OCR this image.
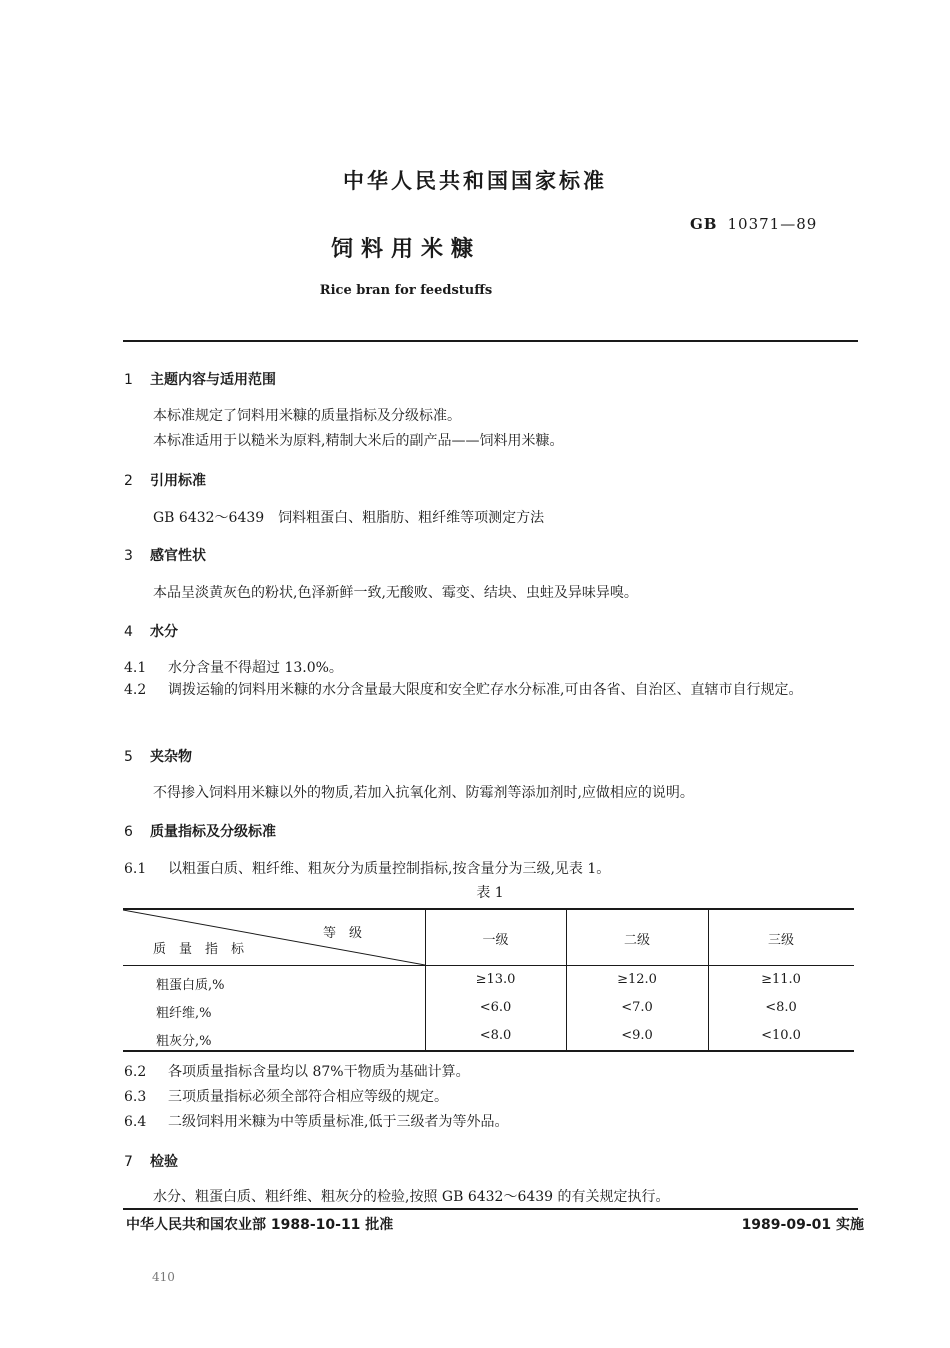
中华人民共和国国家标准
GB 10371—89
饲料用米糠
Rice bran for feedstuffs
1 主题内容与适用范围
本标准规定了饲料用米糠的质量指标及分级标准。
本标准适用于以糙米为原料,精制大米后的副产品——饲料用米糠。
2 引用标准
GB 6432～6439　饲料粗蛋白、粗脂肪、粗纤维等项测定方法
3 感官性状
本品呈淡黄灰色的粉状,色泽新鲜一致,无酸败、霉变、结块、虫蛀及异味异嗅。
4 水分
4.1 水分含量不得超过 13.0%。
4.2 调拨运输的饲料用米糠的水分含量最大限度和安全贮存水分标准,可由各省、自治区、直辖市自行规定。
5 夹杂物
不得掺入饲料用米糠以外的物质,若加入抗氧化剂、防霉剂等添加剂时,应做相应的说明。
6 质量指标及分级标准
6.1 以粗蛋白质、粗纤维、粗灰分为质量控制指标,按含量分为三级,见表 1。
表 1
等　级
质　量　指　标
一级	二级	三级
粗蛋白质,%	≥13.0	≥12.0	≥11.0
粗纤维,%	<6.0	<7.0	<8.0
粗灰分,%	<8.0	<9.0	<10.0
6.2 各项质量指标含量均以 87%干物质为基础计算。
6.3 三项质量指标必须全部符合相应等级的规定。
6.4 二级饲料用米糠为中等质量标准,低于三级者为等外品。
7 检验
水分、粗蛋白质、粗纤维、粗灰分的检验,按照 GB 6432～6439 的有关规定执行。
中华人民共和国农业部 1988-10-11 批准	1989-09-01 实施
410
